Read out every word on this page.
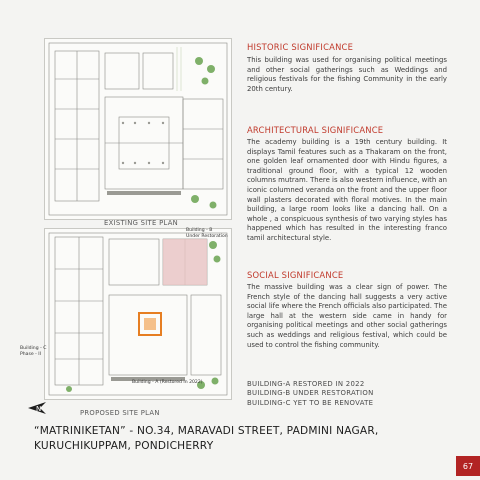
EXISTING SITE PLAN
Building - B
Under Restoration
Building - C
Phase - II
Building - A (Restored in 2022)
N	PROPOSED SITE PLAN
HISTORIC SIGNIFICANCE
This building was used for organising political meetings and other social gatherings such as Weddings and religious festivals for the fishing Community in the early 20th century.
ARCHITECTURAL SIGNIFICANCE
The academy building is a 19th century building. It displays Tamil features such as a Thakaram on the front, one golden leaf ornamented door with Hindu figures, a traditional ground floor, with a typical 12 wooden columns mutram. There is also western influence, with an iconic columned veranda on the front and the upper floor wall plasters decorated with floral motives. In the main building, a large room looks like a dancing hall. On a whole , a conspicuous synthesis of two varying styles has happened which has resulted in the interesting franco tamil architectural style.
SOCIAL SIGNIFICANCE
The massive building was a clear sign of power. The French style of the dancing hall suggests a very active social life where the French officials also participated. The large hall at the western side came in handy for organising political meetings and other social gatherings such as weddings and religious festival, which could be used to control the fishing community.
BUILDING-A RESTORED IN 2022
BUILDING-B UNDER RESTORATION
BUILDING-C YET TO BE RENOVATE
“MATRINIKETAN” - NO.34, MARAVADI STREET, PADMINI NAGAR, KURUCHIKUPPAM, PONDICHERRY
67
